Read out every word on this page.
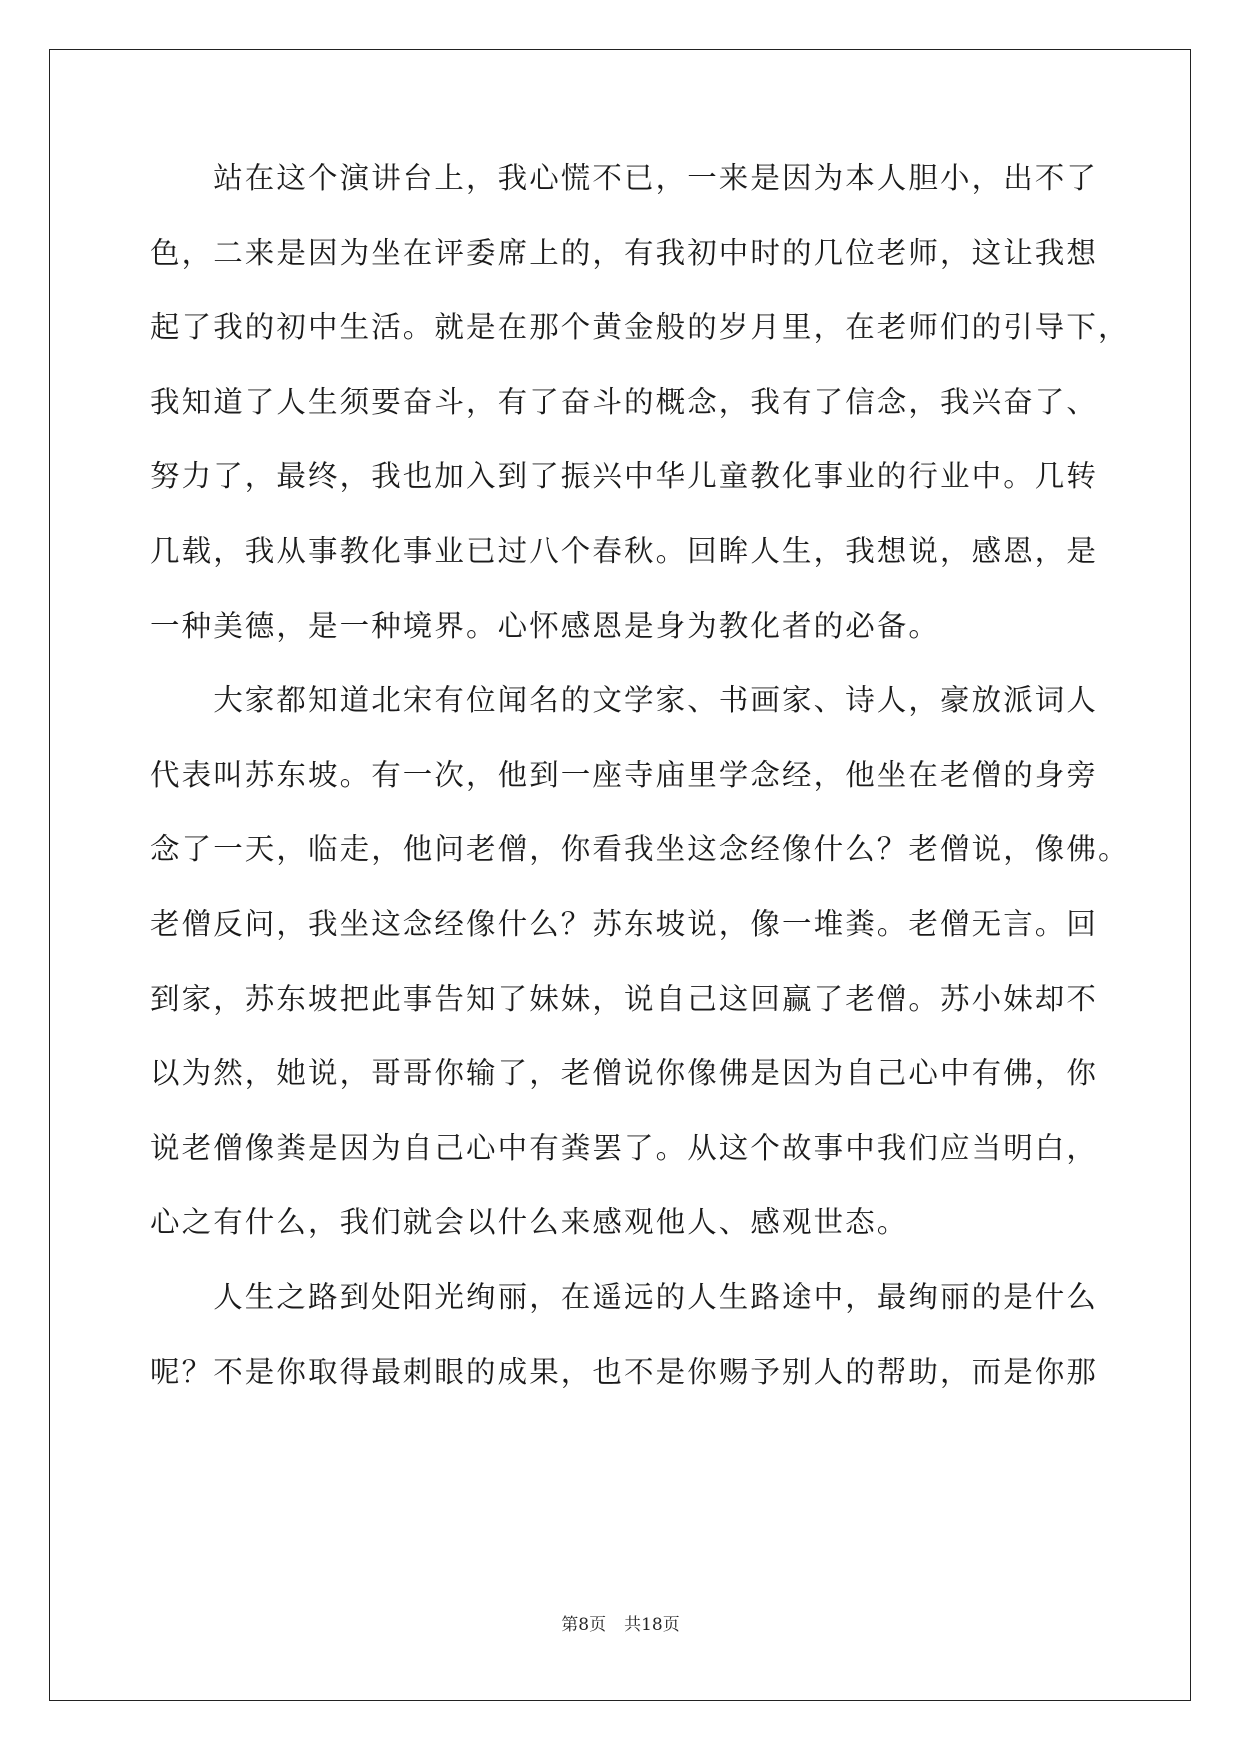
　　站在这个演讲台上，我心慌不已，一来是因为本人胆小，出不了
色，二来是因为坐在评委席上的，有我初中时的几位老师，这让我想
起了我的初中生活。就是在那个黄金般的岁月里，在老师们的引导下，
我知道了人生须要奋斗，有了奋斗的概念，我有了信念，我兴奋了、
努力了，最终，我也加入到了振兴中华儿童教化事业的行业中。几转
几载，我从事教化事业已过八个春秋。回眸人生，我想说，感恩，是
一种美德，是一种境界。心怀感恩是身为教化者的必备。
　　大家都知道北宋有位闻名的文学家、书画家、诗人，豪放派词人
代表叫苏东坡。有一次，他到一座寺庙里学念经，他坐在老僧的身旁
念了一天，临走，他问老僧，你看我坐这念经像什么？老僧说，像佛。
老僧反问，我坐这念经像什么？苏东坡说，像一堆粪。老僧无言。回
到家，苏东坡把此事告知了妹妹，说自己这回赢了老僧。苏小妹却不
以为然，她说，哥哥你输了，老僧说你像佛是因为自己心中有佛，你
说老僧像粪是因为自己心中有粪罢了。从这个故事中我们应当明白，
心之有什么，我们就会以什么来感观他人、感观世态。
　　人生之路到处阳光绚丽，在遥远的人生路途中，最绚丽的是什么
呢？不是你取得最刺眼的成果，也不是你赐予别人的帮助，而是你那
第8页 共18页
